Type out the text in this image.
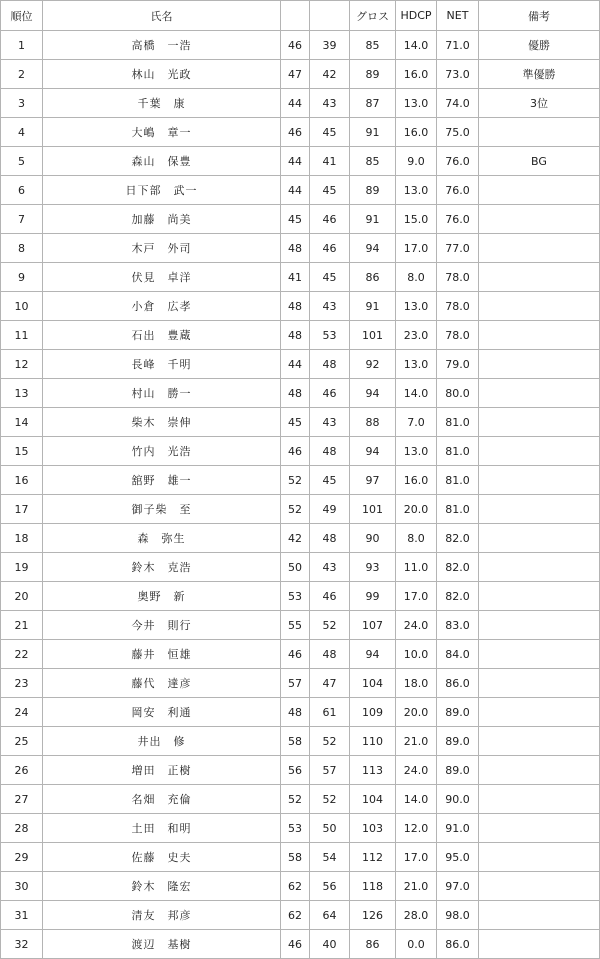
順位	氏名			グロス	HDCP	NET	備考
1	高橋　一浩	46	39	85	14.0	71.0	優勝
2	林山　光政	47	42	89	16.0	73.0	準優勝
3	千葉　康	44	43	87	13.0	74.0	3位
4	大嶋　章一	46	45	91	16.0	75.0	
5	森山　保豊	44	41	85	9.0	76.0	BG
6	日下部　武一	44	45	89	13.0	76.0	
7	加藤　尚美	45	46	91	15.0	76.0	
8	木戸　外司	48	46	94	17.0	77.0	
9	伏見　卓洋	41	45	86	8.0	78.0	
10	小倉　広孝	48	43	91	13.0	78.0	
11	石出　豊蔵	48	53	101	23.0	78.0	
12	長峰　千明	44	48	92	13.0	79.0	
13	村山　勝一	48	46	94	14.0	80.0	
14	柴木　崇伸	45	43	88	7.0	81.0	
15	竹内　光浩	46	48	94	13.0	81.0	
16	舘野　雄一	52	45	97	16.0	81.0	
17	御子柴　至	52	49	101	20.0	81.0	
18	森　弥生	42	48	90	8.0	82.0	
19	鈴木　克浩	50	43	93	11.0	82.0	
20	奥野　新	53	46	99	17.0	82.0	
21	今井　則行	55	52	107	24.0	83.0	
22	藤井　恒雄	46	48	94	10.0	84.0	
23	藤代　達彦	57	47	104	18.0	86.0	
24	岡安　利通	48	61	109	20.0	89.0	
25	井出　修	58	52	110	21.0	89.0	
26	増田　正樹	56	57	113	24.0	89.0	
27	名畑　充倫	52	52	104	14.0	90.0	
28	土田　和明	53	50	103	12.0	91.0	
29	佐藤　史夫	58	54	112	17.0	95.0	
30	鈴木　隆宏	62	56	118	21.0	97.0	
31	清友　邦彦	62	64	126	28.0	98.0	
32	渡辺　基樹	46	40	86	0.0	86.0	
